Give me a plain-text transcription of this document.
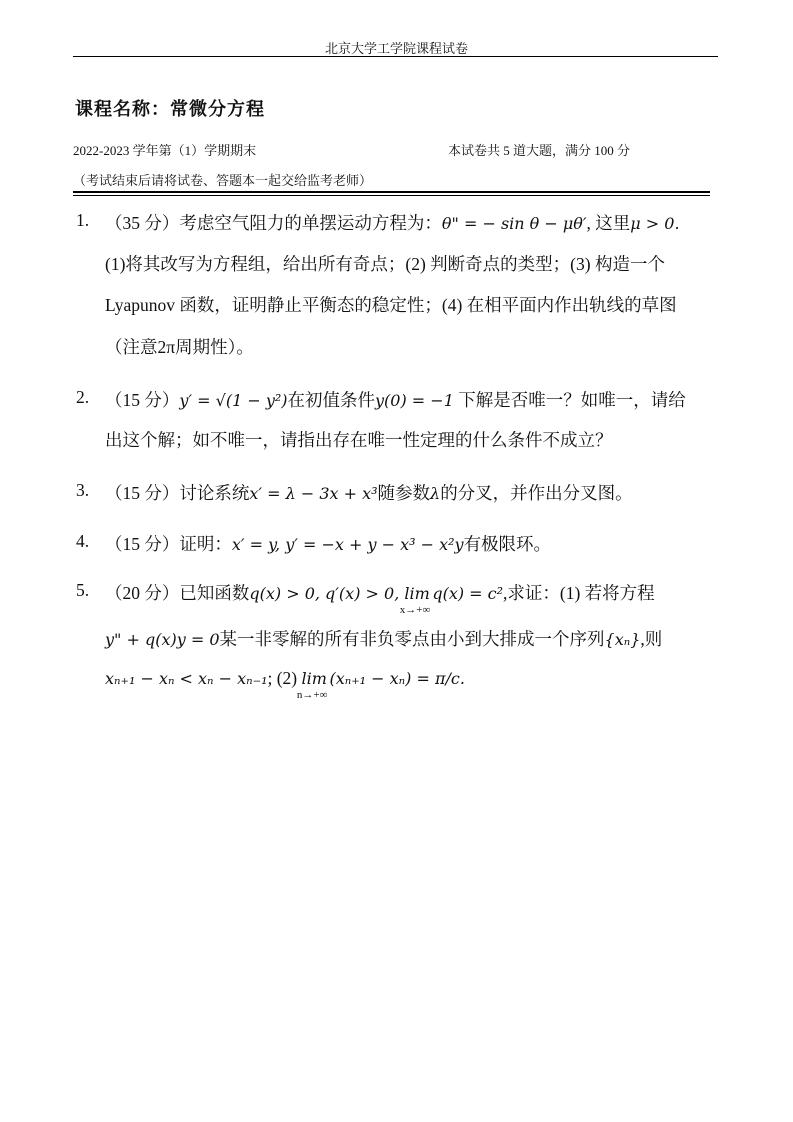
北京大学工学院课程试卷
课程名称：常微分方程
2022-2023 学年第（1）学期期末	本试卷共 5 道大题，满分 100 分
（考试结束后请将试卷、答题本一起交给监考老师）
1. （35 分）考虑空气阻力的单摆运动方程为：θ" = − sin θ − μθ′, 这里μ > 0.
(1)将其改写为方程组，给出所有奇点；(2) 判断奇点的类型；(3) 构造一个
Lyapunov 函数，证明静止平衡态的稳定性；(4) 在相平面内作出轨线的草图
（注意2π周期性）。
2. （15 分）y′ = √(1 − y²)在初值条件y(0) = −1 下解是否唯一？如唯一，请给
出这个解；如不唯一，请指出存在唯一性定理的什么条件不成立？
3. （15 分）讨论系统x′ = λ − 3x + x³随参数λ的分叉，并作出分叉图。
4. （15 分）证明：x′ = y, y′ = −x + y − x³ − x²y有极限环。
5. （20 分）已知函数q(x) > 0, q′(x) > 0, $\lim_{x\to+\infty}q(x) = c^2$,求证：(1) 若将方程
y" + q(x)y = 0某一非零解的所有非负零点由小到大排成一个序列{xₙ},则
xₙ₊₁ − xₙ < xₙ − xₙ₋₁; (2) $\lim_{n\to+\infty}(x_{n+1} - x_n) = \pi/c$.
